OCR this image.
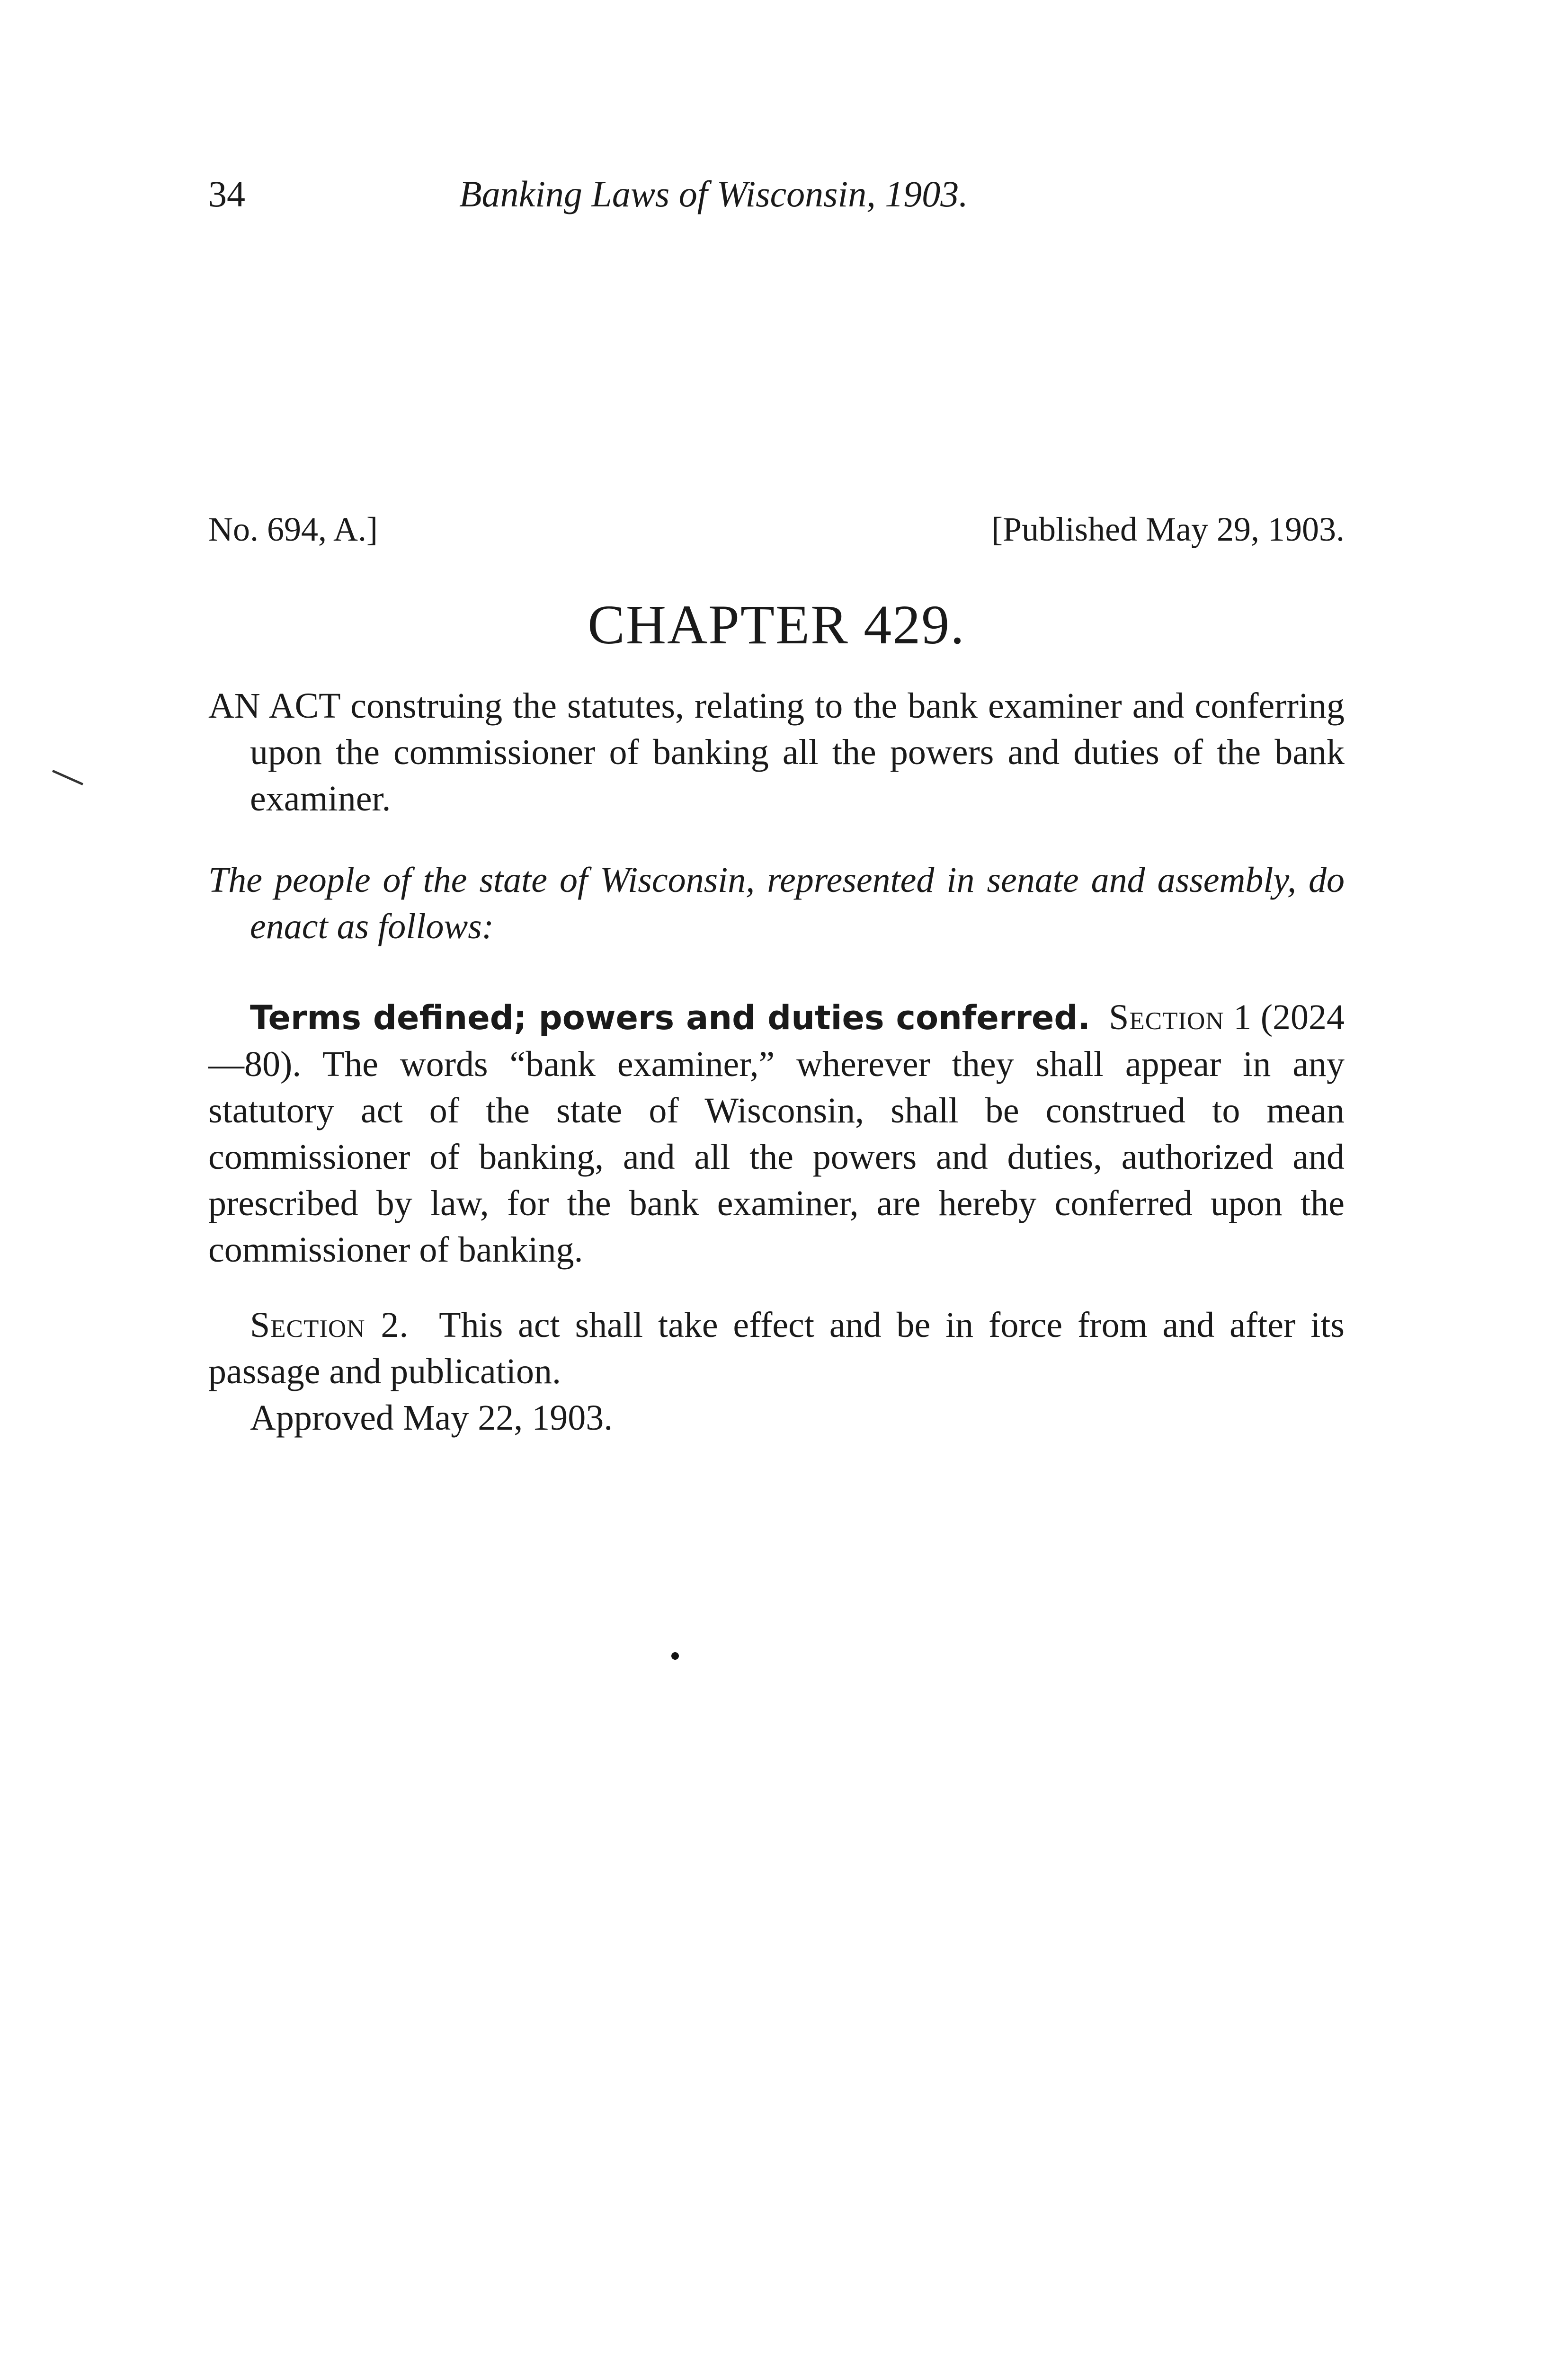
34	Banking Laws of Wisconsin, 1903.
No. 694, A.]	[Published May 29, 1903.
CHAPTER 429.

AN ACT construing the statutes, relating to the bank examiner and conferring upon the commissioner of banking all the powers and duties of the bank examiner.

The people of the state of Wisconsin, represented in senate and assembly, do enact as follows:

Terms defined; powers and duties conferred. Section 1 (2024—80). The words “bank examiner,” wherever they shall appear in any statutory act of the state of Wisconsin, shall be construed to mean commissioner of banking, and all the powers and duties, authorized and prescribed by law, for the bank examiner, are hereby conferred upon the commissioner of banking.

Section 2. This act shall take effect and be in force from and after its passage and publication.

Approved May 22, 1903.
